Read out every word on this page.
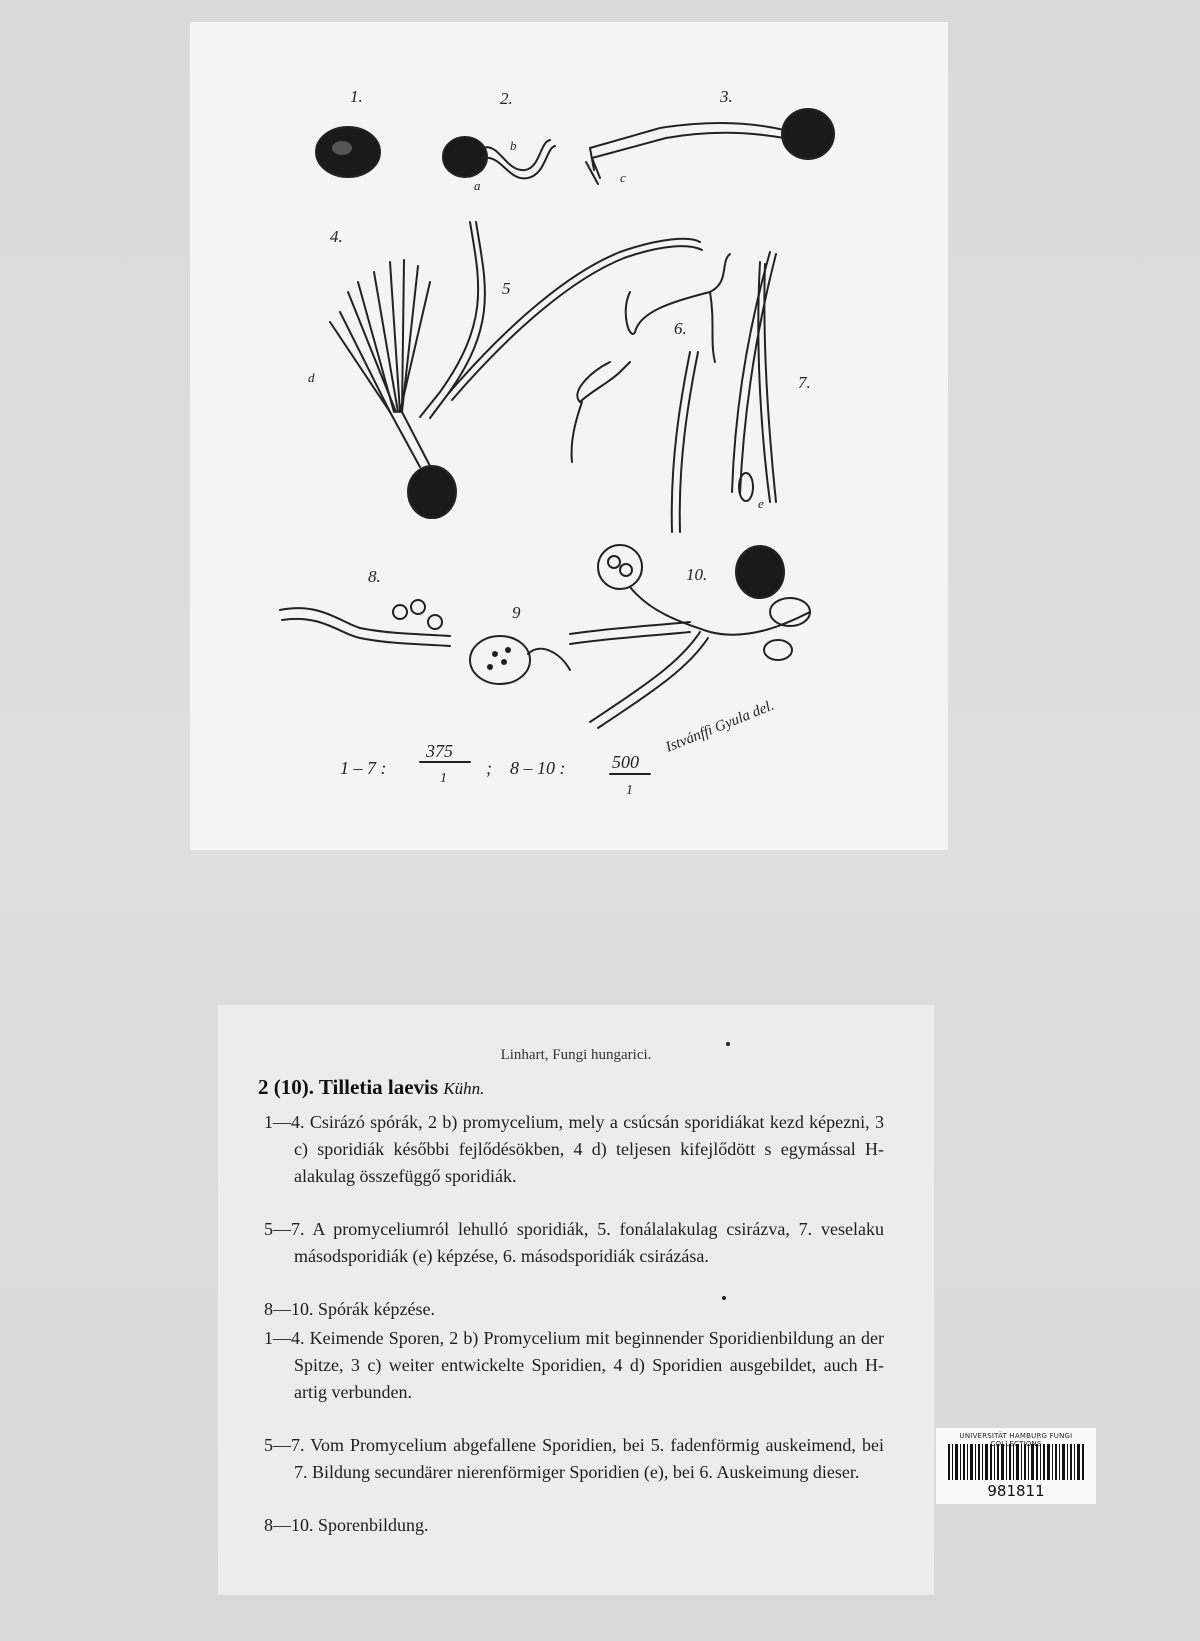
1.	2.	3.
4.
5
6.
7.
8.
9
10.
a
b
c
d
e
1 – 7 :
375
1
; 8 – 10 :	500
1
Istvánffi Gyula del.
Linhart, Fungi hungarici.
2 (10). Tilletia laevis Kühn.
1—4. Csirázó spórák, 2 b) promycelium, mely a csúcsán sporidiákat kezd képezni, 3 c) sporidiák későbbi fejlődésökben, 4 d) teljesen kifejlődött s egymással H-alakulag összefüggő sporidiák.
5—7. A promyceliumról lehulló sporidiák, 5. fonálalakulag csirázva, 7. veselaku másodsporidiák (e) képzése, 6. másodsporidiák csirázása.
8—10. Spórák képzése.
1—4. Keimende Sporen, 2 b) Promycelium mit beginnender Sporidienbildung an der Spitze, 3 c) weiter entwickelte Sporidien, 4 d) Sporidien ausgebildet, auch H-artig verbunden.
5—7. Vom Promycelium abgefallene Sporidien, bei 5. fadenförmig auskeimend, bei 7. Bildung secundärer nierenförmiger Sporidien (e), bei 6. Auskeimung dieser.
8—10. Sporenbildung.
UNIVERSITÄT HAMBURG FUNGI
981811
